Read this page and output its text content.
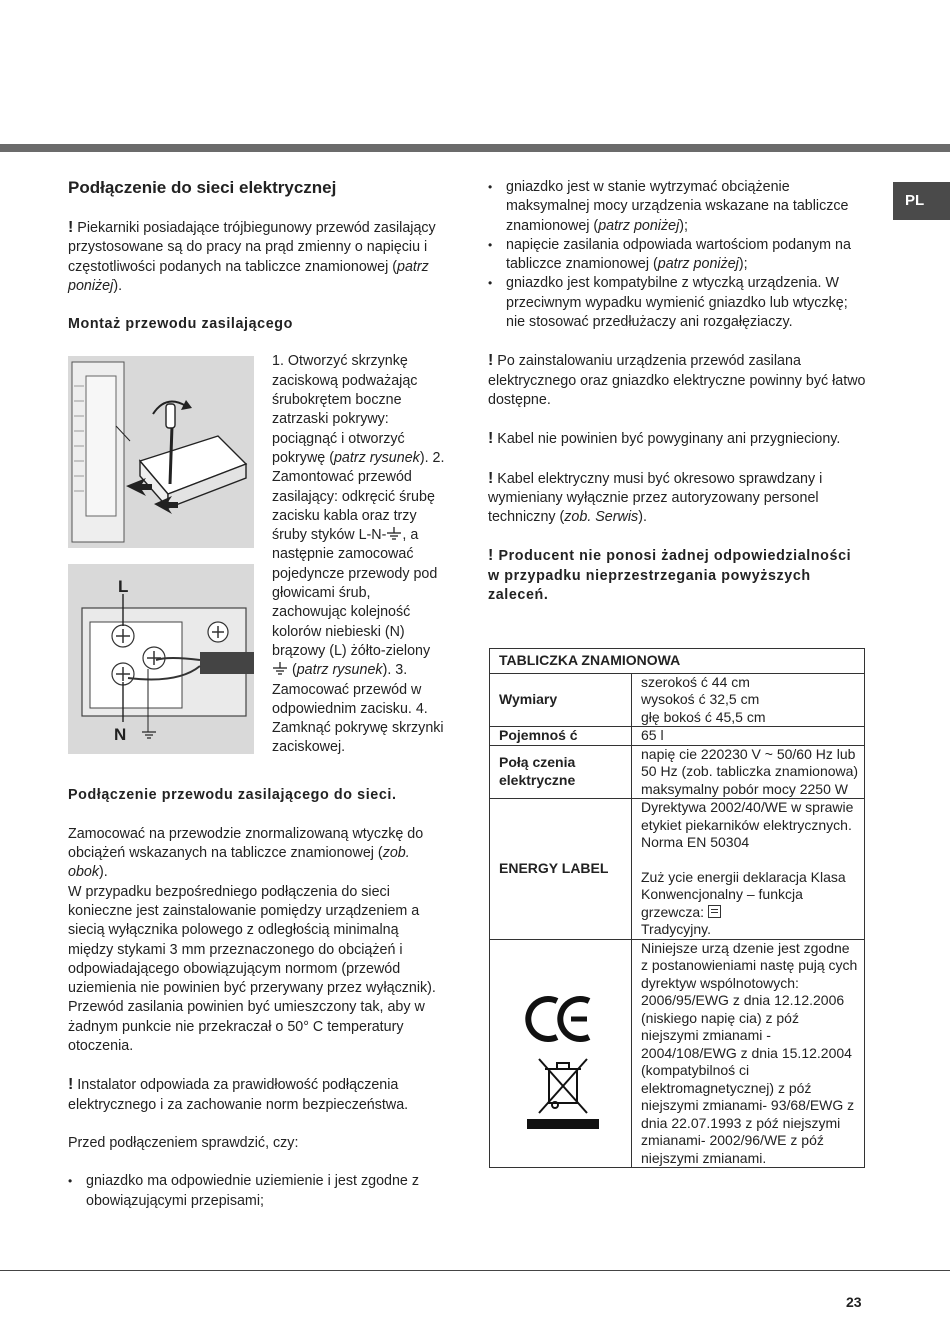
PL
Podłączenie do sieci elektrycznej

! Piekarniki posiadające trójbiegunowy przewód zasilający przystosowane są do pracy na prąd zmienny o napięciu i częstotliwości podanych na tabliczce znamionowej (patrz poniżej).

Montaż przewodu zasilającego

L
N
1. Otworzyć skrzynkę zaciskową podważając śrubokrętem boczne zatrzaski pokrywy: pociągnąć i otworzyć pokrywę (patrz rysunek). 2. Zamontować przewód zasilający: odkręcić śrubę zacisku kabla oraz trzy śruby styków L-N- , a następnie zamocować pojedyncze przewody pod głowicami śrub, zachowując kolejność kolorów niebieski (N) brązowy (L) żółto-zielony  (patrz rysunek). 3. Zamocować przewód w odpowiednim zacisku. 4. Zamknąć pokrywę skrzynki zaciskowej.

Podłączenie przewodu zasilającego do sieci.

Zamocować na przewodzie znormalizowaną wtyczkę do obciążeń wskazanych na tabliczce znamionowej (zob. obok).

W przypadku bezpośredniego podłączenia do sieci konieczne jest zainstalowanie pomiędzy urządzeniem a siecią wyłącznika polowego z odległością minimalną między stykami 3 mm przeznaczonego do obciążeń i odpowiadającego obowiązującym normom (przewód uziemienia nie powinien być przerywany przez wyłącznik). Przewód zasilania powinien być umieszczony tak, aby w żadnym punkcie nie przekraczał o 50° C temperatury otoczenia.

! Instalator odpowiada za prawidłowość podłączenia elektrycznego i za zachowanie norm bezpieczeństwa.

Przed podłączeniem sprawdzić, czy:

• gniazdko ma odpowiednie uziemienie i jest zgodne z obowiązującymi przepisami;
• gniazdko jest w stanie wytrzymać obciążenie maksymalnej mocy urządzenia wskazane na tabliczce znamionowej (patrz poniżej);
• napięcie zasilania odpowiada wartościom podanym na tabliczce znamionowej (patrz poniżej);
• gniazdko jest kompatybilne z wtyczką urządzenia. W przeciwnym wypadku wymienić gniazdko lub wtyczkę; nie stosować przedłużaczy ani rozgałęziaczy.

! Po zainstalowaniu urządzenia przewód zasilana elektrycznego oraz gniazdko elektryczne powinny być łatwo dostępne.

! Kabel nie powinien być powyginany ani przygnieciony.

! Kabel elektryczny musi być okresowo sprawdzany i wymieniany wyłącznie przez autoryzowany personel techniczny (zob. Serwis).

! Producent nie ponosi żadnej odpowiedzialności w przypadku nieprzestrzegania powyższych zaleceń.

TABLICZKA ZNAMIONOWA	
Wymiary	szerokoś ć 44 cm
wysokoś ć 32,5 cm
głę bokoś ć 45,5 cm

Pojemnoś ć	65 l
Połą czenia elektryczne	napię cie 220230 V ~ 50/60 Hz lub 50 Hz (zob. tabliczka znamionowa) maksymalny pobór mocy 2250 W
ENERGY LABEL	Dyrektywa 2002/40/WE w sprawie etykiet piekarników elektrycznych.
Norma EN 50304
Zuż ycie energii deklaracja Klasa Konwencjonalny – funkcja grzewcza:
Tradycyjny.

	Niniejsze urzą dzenie jest zgodne z postanowieniami nastę pują cych dyrektyw wspólnotowych: 2006/95/EWG z dnia 12.12.2006 (niskiego napię cia) z póź niejszymi zmianami - 2004/108/EWG z dnia 15.12.2004 (kompatybilnoś ci elektromagnetycznej) z póź niejszymi zmianami- 93/68/EWG z dnia 22.07.1993 z póź niejszymi zmianami- 2002/96/WE z póź niejszymi zmianami.
23
